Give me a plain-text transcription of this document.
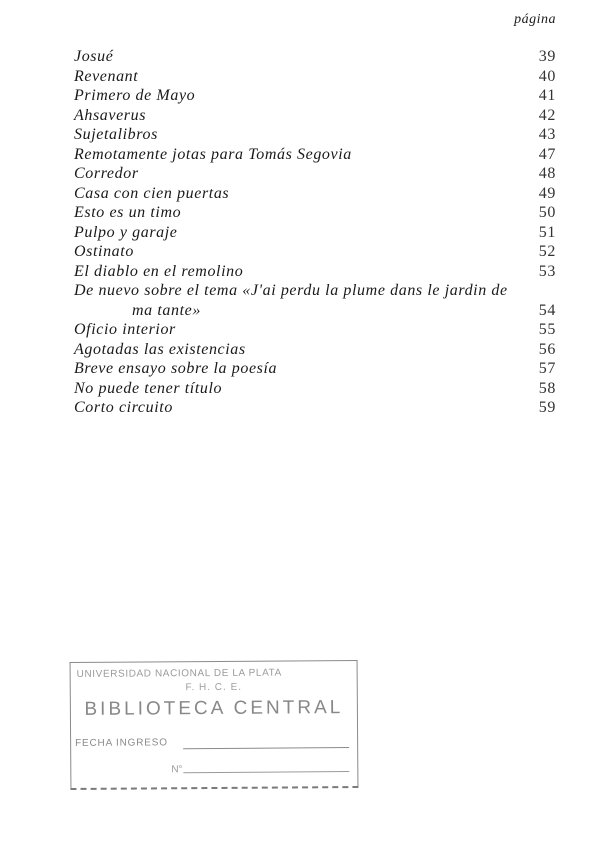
página
Josué	39
Revenant	40
Primero de Mayo	41
Ahsaverus	42
Sujetalibros	43
Remotamente jotas para Tomás Segovia	47
Corredor	48
Casa con cien puertas	49
Esto es un timo	50
Pulpo y garaje	51
Ostinato	52
El diablo en el remolino	53
De nuevo sobre el tema «J'ai perdu la plume dans le jardin de
ma tante»	54
Oficio interior	55
Agotadas las existencias	56
Breve ensayo sobre la poesía	57
No puede tener título	58
Corto circuito	59
UNIVERSIDAD NACIONAL DE LA PLATA
F. H. C. E.
BIBLIOTECA CENTRAL
FECHA INGRESO
N°
